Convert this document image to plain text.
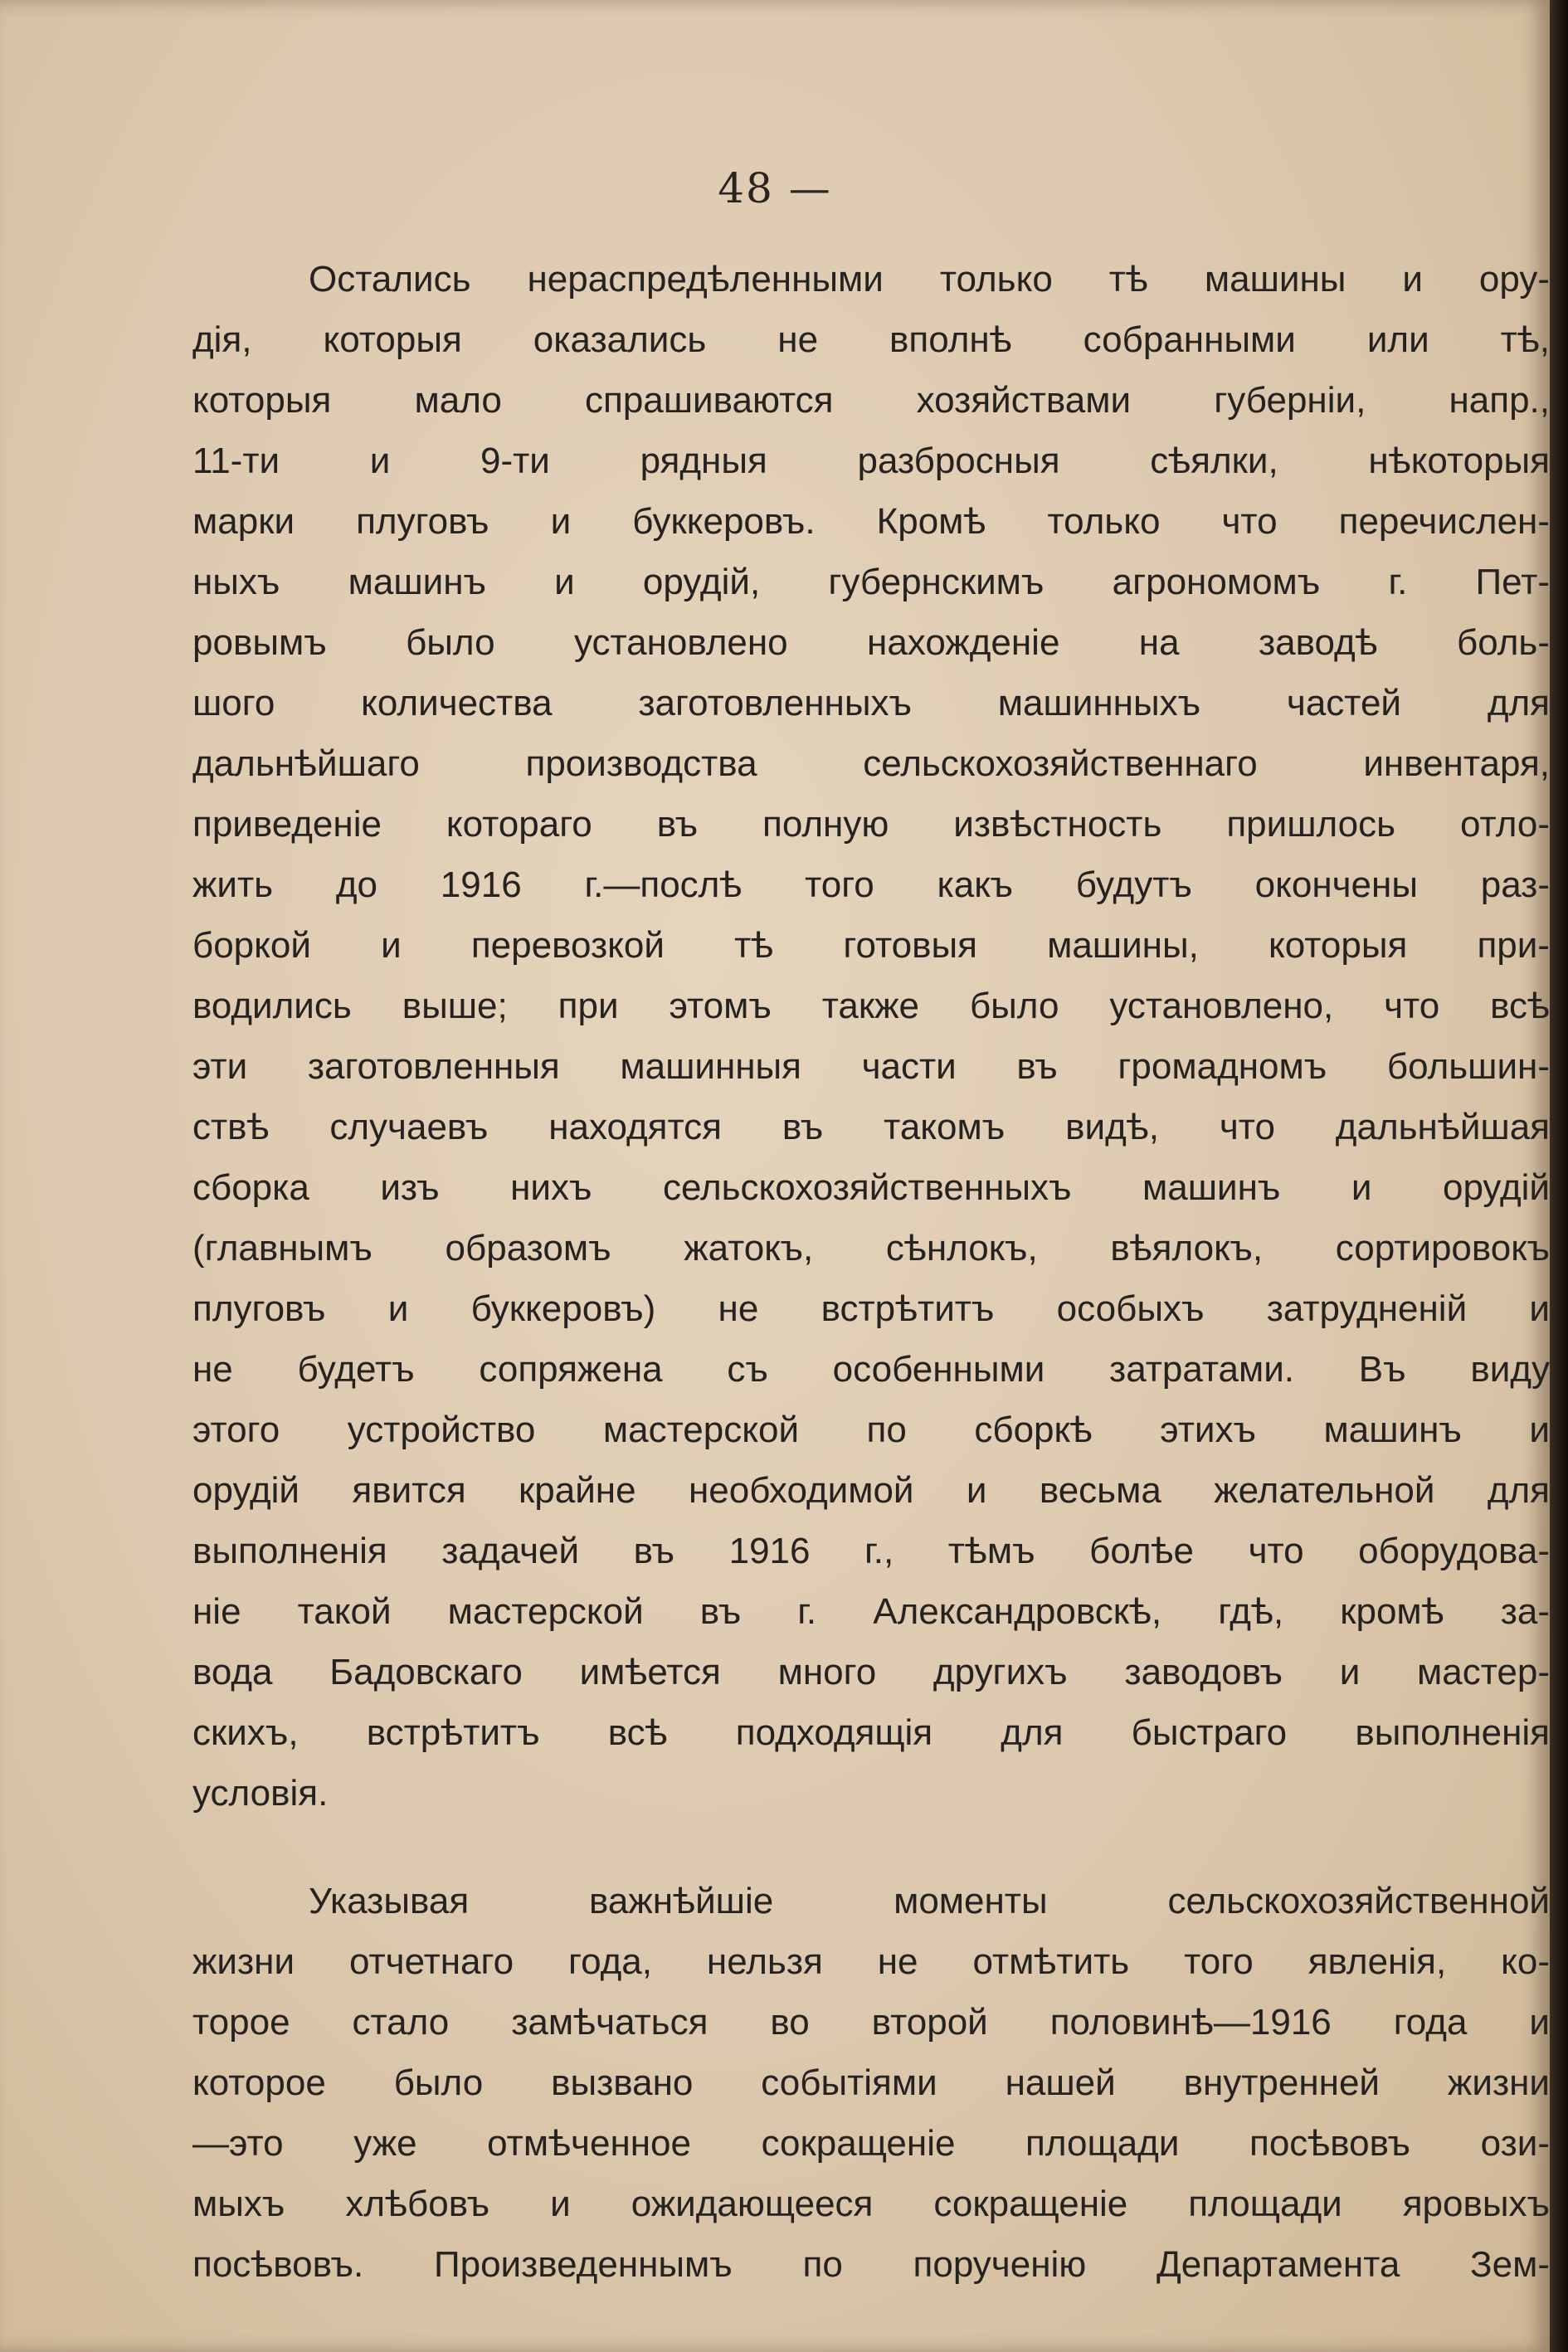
48 —
Остались нераспредѣленными только тѣ машины и ору-
дія, которыя оказались не вполнѣ собранными или тѣ,
которыя мало спрашиваются хозяйствами губерніи, напр.,
11-ти и 9-ти рядныя разбросныя сѣялки, нѣкоторыя
марки плуговъ и буккеровъ. Кромѣ только что перечислен-
ныхъ машинъ и орудій, губернскимъ агрономомъ г. Пет-
ровымъ было установлено нахожденіе на заводѣ боль-
шого количества заготовленныхъ машинныхъ частей для
дальнѣйшаго производства сельскохозяйственнаго инвентаря,
приведеніе котораго въ полную извѣстность пришлось отло-
жить до 1916 г.—послѣ того какъ будутъ окончены раз-
боркой и перевозкой тѣ готовыя машины, которыя при-
водились выше; при этомъ также было установлено, что всѣ
эти заготовленныя машинныя части въ громадномъ большин-
ствѣ случаевъ находятся въ такомъ видѣ, что дальнѣйшая
сборка изъ нихъ сельскохозяйственныхъ машинъ и орудій
(главнымъ образомъ жатокъ, сѣнлокъ, вѣялокъ, сортировокъ
плуговъ и буккеровъ) не встрѣтитъ особыхъ затрудненій и
не будетъ сопряжена съ особенными затратами. Въ виду
этого устройство мастерской по сборкѣ этихъ машинъ и
орудій явится крайне необходимой и весьма желательной для
выполненія задачей въ 1916 г., тѣмъ болѣе что оборудова-
ніе такой мастерской въ г. Александровскѣ, гдѣ, кромѣ за-
вода Бадовскаго имѣется много другихъ заводовъ и мастер-
скихъ, встрѣтитъ всѣ подходящія для быстраго выполненія
условія.
Указывая важнѣйшіе моменты сельскохозяйственной
жизни отчетнаго года, нельзя не отмѣтить того явленія, ко-
торое стало замѣчаться во второй половинѣ—1916 года и
которое было вызвано событіями нашей внутренней жизни
—это уже отмѣченное сокращеніе площади посѣвовъ ози-
мыхъ хлѣбовъ и ожидающееся сокращеніе площади яровыхъ
посѣвовъ. Произведеннымъ по порученію Департамента Зем-
